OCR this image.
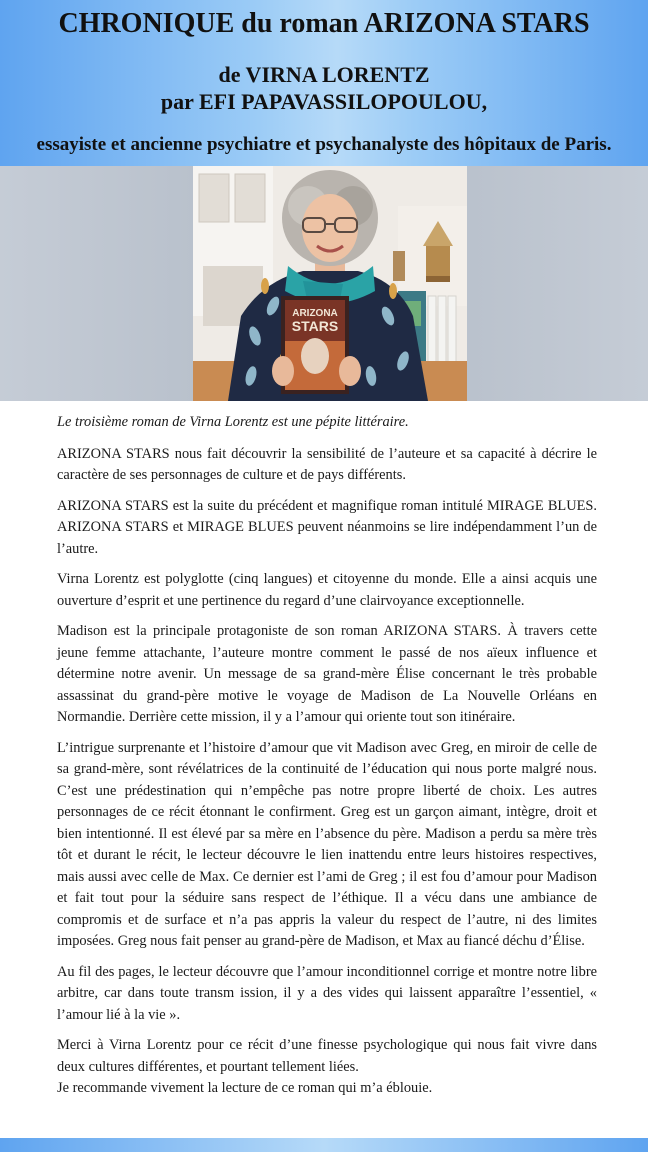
CHRONIQUE du roman ARIZONA STARS
de VIRNA LORENTZ
par EFI PAPAVASSILOPOULOU,
essayiste et ancienne psychiatre et psychanalyste des hôpitaux de Paris.
ARIZONA
STARS

Le troisième roman de Virna Lorentz est une pépite littéraire.

ARIZONA STARS nous fait découvrir la sensibilité de l’auteure et sa capacité à décrire le caractère de ses personnages de culture et de pays différents.

ARIZONA STARS est la suite du précédent et magnifique roman intitulé MIRAGE BLUES. ARIZONA STARS et MIRAGE BLUES peuvent néanmoins se lire indépendamment l’un de l’autre.

Virna Lorentz est polyglotte (cinq langues) et citoyenne du monde. Elle a ainsi acquis une ouverture d’esprit et une pertinence du regard d’une clairvoyance exceptionnelle.

Madison est la principale protagoniste de son roman ARIZONA STARS. À travers cette jeune femme attachante, l’auteure montre comment le passé de nos aïeux influence et détermine notre avenir. Un message de sa grand-mère Élise concernant le très probable assassinat du grand-père motive le voyage de Madison de La Nouvelle Orléans en Normandie. Derrière cette mission, il y a l’amour qui oriente tout son itinéraire.

L’intrigue surprenante et l’histoire d’amour que vit Madison avec Greg, en miroir de celle de sa grand-mère, sont révélatrices de la continuité de l’éducation qui nous porte malgré nous. C’est une prédestination qui n’empêche pas notre propre liberté de choix. Les autres personnages de ce récit étonnant le confirment. Greg est un garçon aimant, intègre, droit et bien intentionné. Il est élevé par sa mère en l’absence du père. Madison a perdu sa mère très tôt et durant le récit, le lecteur découvre le lien inattendu entre leurs histoires respectives, mais aussi avec celle de Max. Ce dernier est l’ami de Greg ; il est fou d’amour pour Madison et fait tout pour la séduire sans respect de l’éthique. Il a vécu dans une ambiance de compromis et de surface et n’a pas appris la valeur du respect de l’autre, ni des limites imposées. Greg nous fait penser au grand-père de Madison, et Max au fiancé déchu d’Élise.

Au fil des pages, le lecteur découvre que l’amour inconditionnel corrige et montre notre libre arbitre, car dans toute transm ission, il y a des vides qui laissent apparaître l’essentiel, « l’amour lié à la vie ».

Merci à Virna Lorentz pour ce récit d’une finesse psychologique qui nous fait vivre dans deux cultures différentes, et pourtant tellement liées.

Je recommande vivement la lecture de ce roman qui m’a éblouie.
